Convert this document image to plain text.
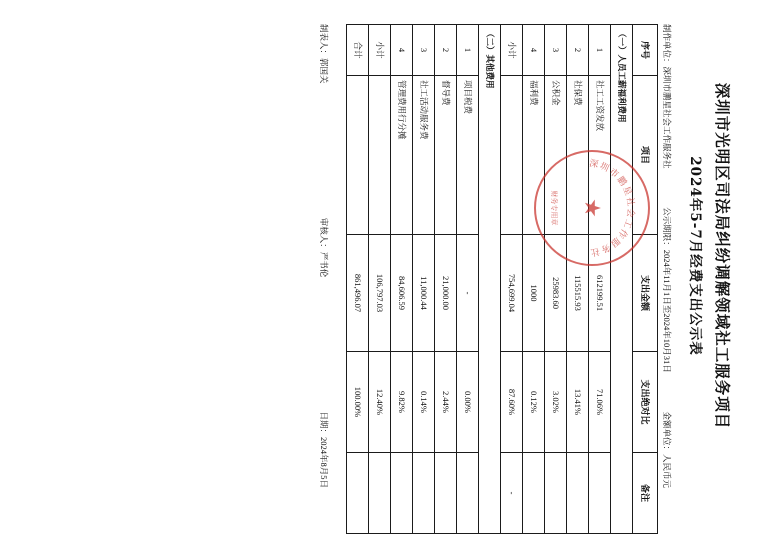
深圳市光明区司法局纠纷调解领域社工服务项目
2024年5-7月经费支出公示表
制作单位：深圳市鹏星社会工作服务社
公示期限：2024年11月1日至2024年10月31日
金额单位：人民币元
序号	项目	支出金额	支出绝对比	备注
（一）人员工薪福利费用				
1	社工工资发放	612199.51	71.06%	
2	社保费	115515.93	13.41%	
3	公积金	25983.60	3.02%	
4	福利费	1000	0.12%	
小计		754,699.04	87.60%	-
（二）其他费用				
1	项目税费	-	0.00%	
2	督导费	21,000.00	2.44%	
3	社工活动服务费	11,000.44	0.14%	
4	管理费用行分摊	84,606.59	9.82%	
小计		106,797.03	12.40%	
合计		861,496.07	100.00%	
制表人：郭国关
审核人：严书伦
日期：2024年8月5日
深圳市鹏星社会工作服务社
★
财务专用章
